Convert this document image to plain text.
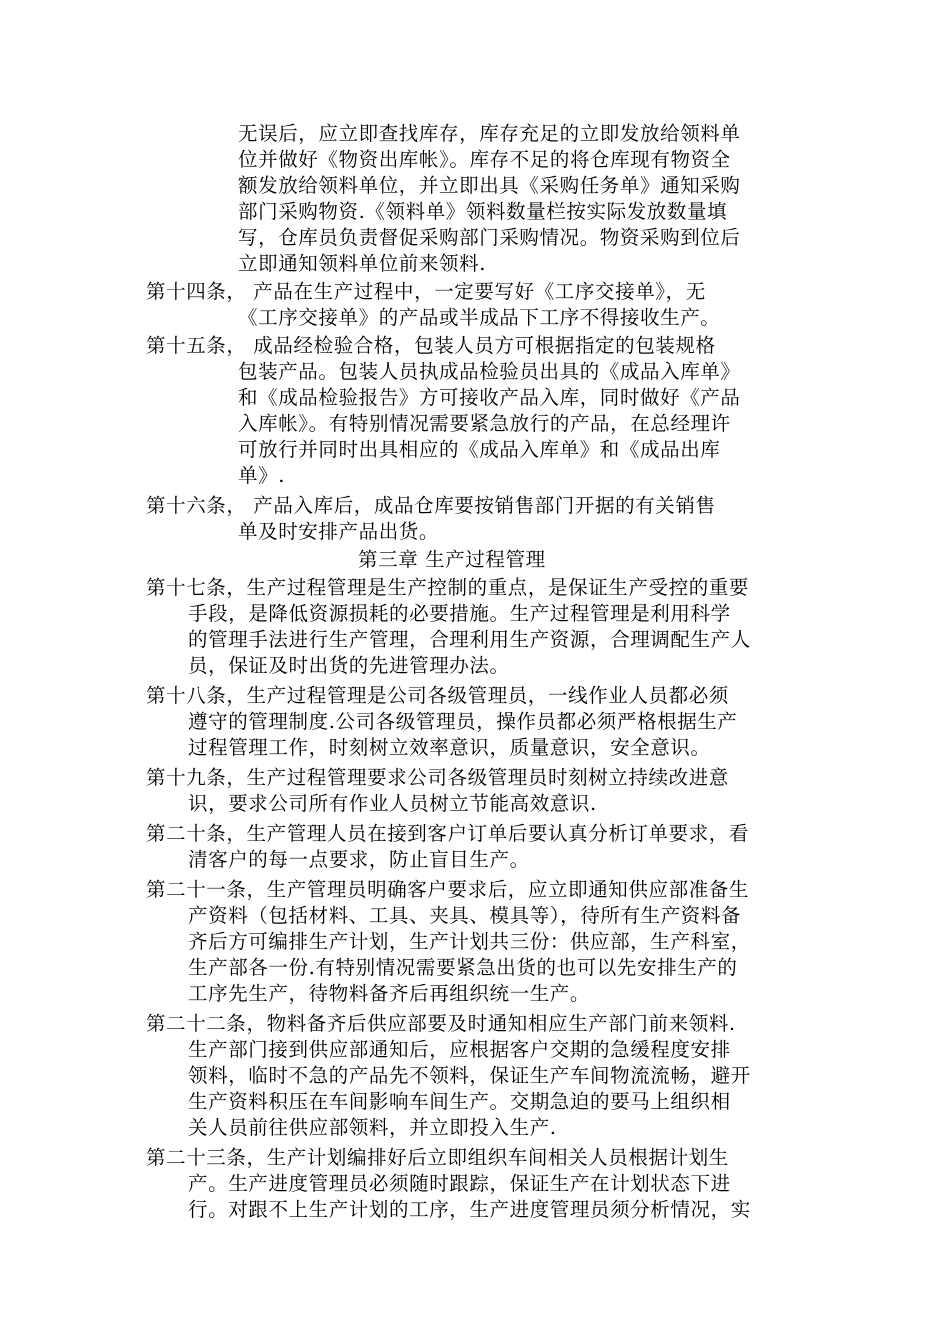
无误后，应立即查找库存，库存充足的立即发放给领料单
位并做好《物资出库帐》。库存不足的将仓库现有物资全
额发放给领料单位，并立即出具《采购任务单》通知采购
部门采购物资.《领料单》领料数量栏按实际发放数量填
写，仓库员负责督促采购部门采购情况。物资采购到位后
立即通知领料单位前来领料.
第十四条， 产品在生产过程中，一定要写好《工序交接单》，无
《工序交接单》的产品或半成品下工序不得接收生产。
第十五条， 成品经检验合格，包装人员方可根据指定的包装规格
包装产品。包装人员执成品检验员出具的《成品入库单》
和《成品检验报告》方可接收产品入库，同时做好《产品
入库帐》。有特别情况需要紧急放行的产品，在总经理许
可放行并同时出具相应的《成品入库单》和《成品出库
单》.
第十六条， 产品入库后，成品仓库要按销售部门开据的有关销售
单及时安排产品出货。
第三章 生产过程管理
第十七条，生产过程管理是生产控制的重点，是保证生产受控的重要
手段，是降低资源损耗的必要措施。生产过程管理是利用科学
的管理手法进行生产管理，合理利用生产资源，合理调配生产人
员，保证及时出货的先进管理办法。
第十八条，生产过程管理是公司各级管理员，一线作业人员都必须
遵守的管理制度.公司各级管理员，操作员都必须严格根据生产
过程管理工作，时刻树立效率意识，质量意识，安全意识。
第十九条，生产过程管理要求公司各级管理员时刻树立持续改进意
识，要求公司所有作业人员树立节能高效意识.
第二十条，生产管理人员在接到客户订单后要认真分析订单要求，看
清客户的每一点要求，防止盲目生产。
第二十一条，生产管理员明确客户要求后，应立即通知供应部准备生
产资料（包括材料、工具、夹具、模具等），待所有生产资料备
齐后方可编排生产计划，生产计划共三份：供应部，生产科室，
生产部各一份.有特别情况需要紧急出货的也可以先安排生产的
工序先生产，待物料备齐后再组织统一生产。
第二十二条，物料备齐后供应部要及时通知相应生产部门前来领料.
生产部门接到供应部通知后，应根据客户交期的急缓程度安排
领料，临时不急的产品先不领料，保证生产车间物流流畅，避开
生产资料积压在车间影响车间生产。交期急迫的要马上组织相
关人员前往供应部领料，并立即投入生产.
第二十三条，生产计划编排好后立即组织车间相关人员根据计划生
产。生产进度管理员必须随时跟踪，保证生产在计划状态下进
行。对跟不上生产计划的工序，生产进度管理员须分析情况，实
